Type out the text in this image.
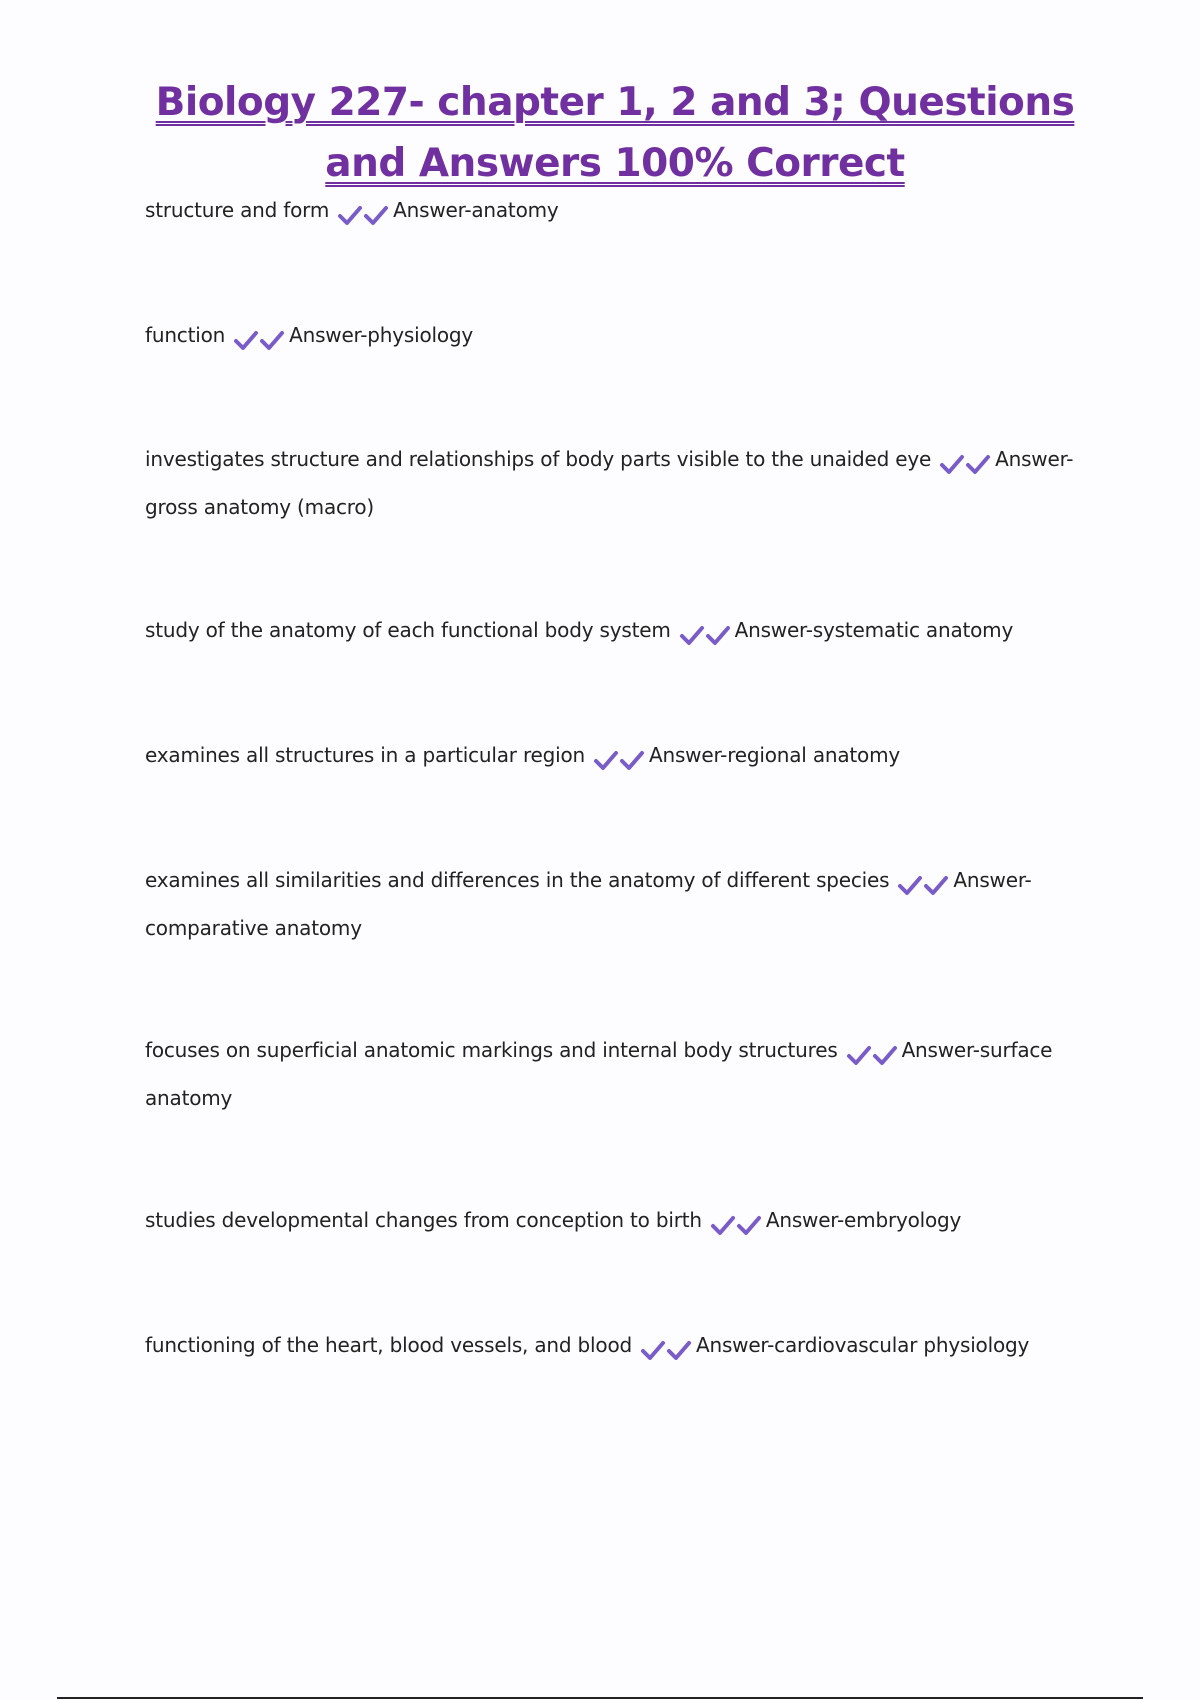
Biology 227- chapter 1, 2 and 3; Questions and Answers 100% Correct

structure and form	Answer-anatomy

function	Answer-physiology

investigates structure and relationships of body parts visible to the unaided eye	Answer-gross anatomy (macro)

study of the anatomy of each functional body system	Answer-systematic anatomy

examines all structures in a particular region	Answer-regional anatomy

examines all similarities and differences in the anatomy of different species	Answer-comparative anatomy

focuses on superficial anatomic markings and internal body structures	Answer-surface anatomy

studies developmental changes from conception to birth	Answer-embryology

functioning of the heart, blood vessels, and blood	Answer-cardiovascular physiology
